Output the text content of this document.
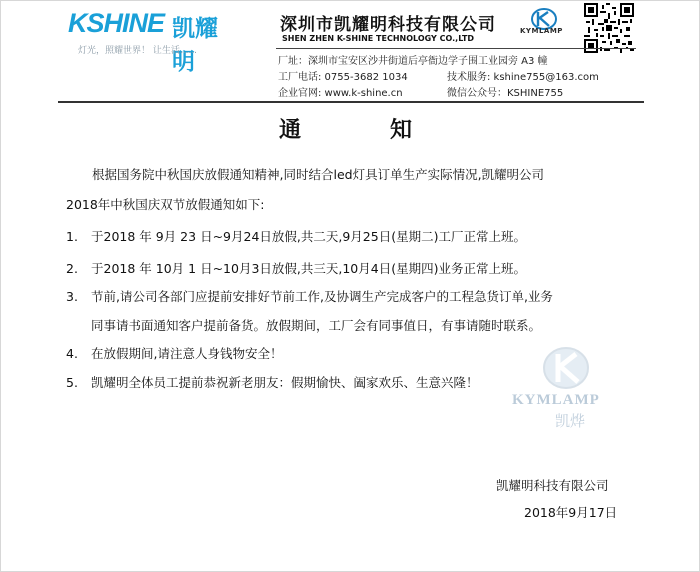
KSHINE 凯耀明
灯光，照耀世界！ 让生活......
深圳市凯耀明科技有限公司
SHEN ZHEN K-SHINE TECHNOLOGY CO.,LTD
KYMLAMP
厂址：深圳市宝安区沙井街道后亭衙边学子围工业园旁 A3 幢
工厂电话: 0755-3682 1034	技术服务: kshine755@163.com
企业官网: www.k-shine.cn	微信公众号：KSHINE755
通	知
根据国务院中秋国庆放假通知精神,同时结合led灯具订单生产实际情况,凯耀明公司
2018年中秋国庆双节放假通知如下:
1. 于2018 年 9月 23 日~9月24日放假,共二天,9月25日(星期二)工厂正常上班。
2. 于2018 年 10月 1 日~10月3日放假,共三天,10月4日(星期四)业务正常上班。
3. 节前,请公司各部门应提前安排好节前工作,及协调生产完成客户的工程急货订单,业务
同事请书面通知客户提前备货。放假期间，工厂会有同事值日，有事请随时联系。
4. 在放假期间,请注意人身钱物安全！
5. 凯耀明全体员工提前恭祝新老朋友：假期愉快、阖家欢乐、生意兴隆！
KYMLAMP
凯烨
凯耀明科技有限公司
2018年9月17日
